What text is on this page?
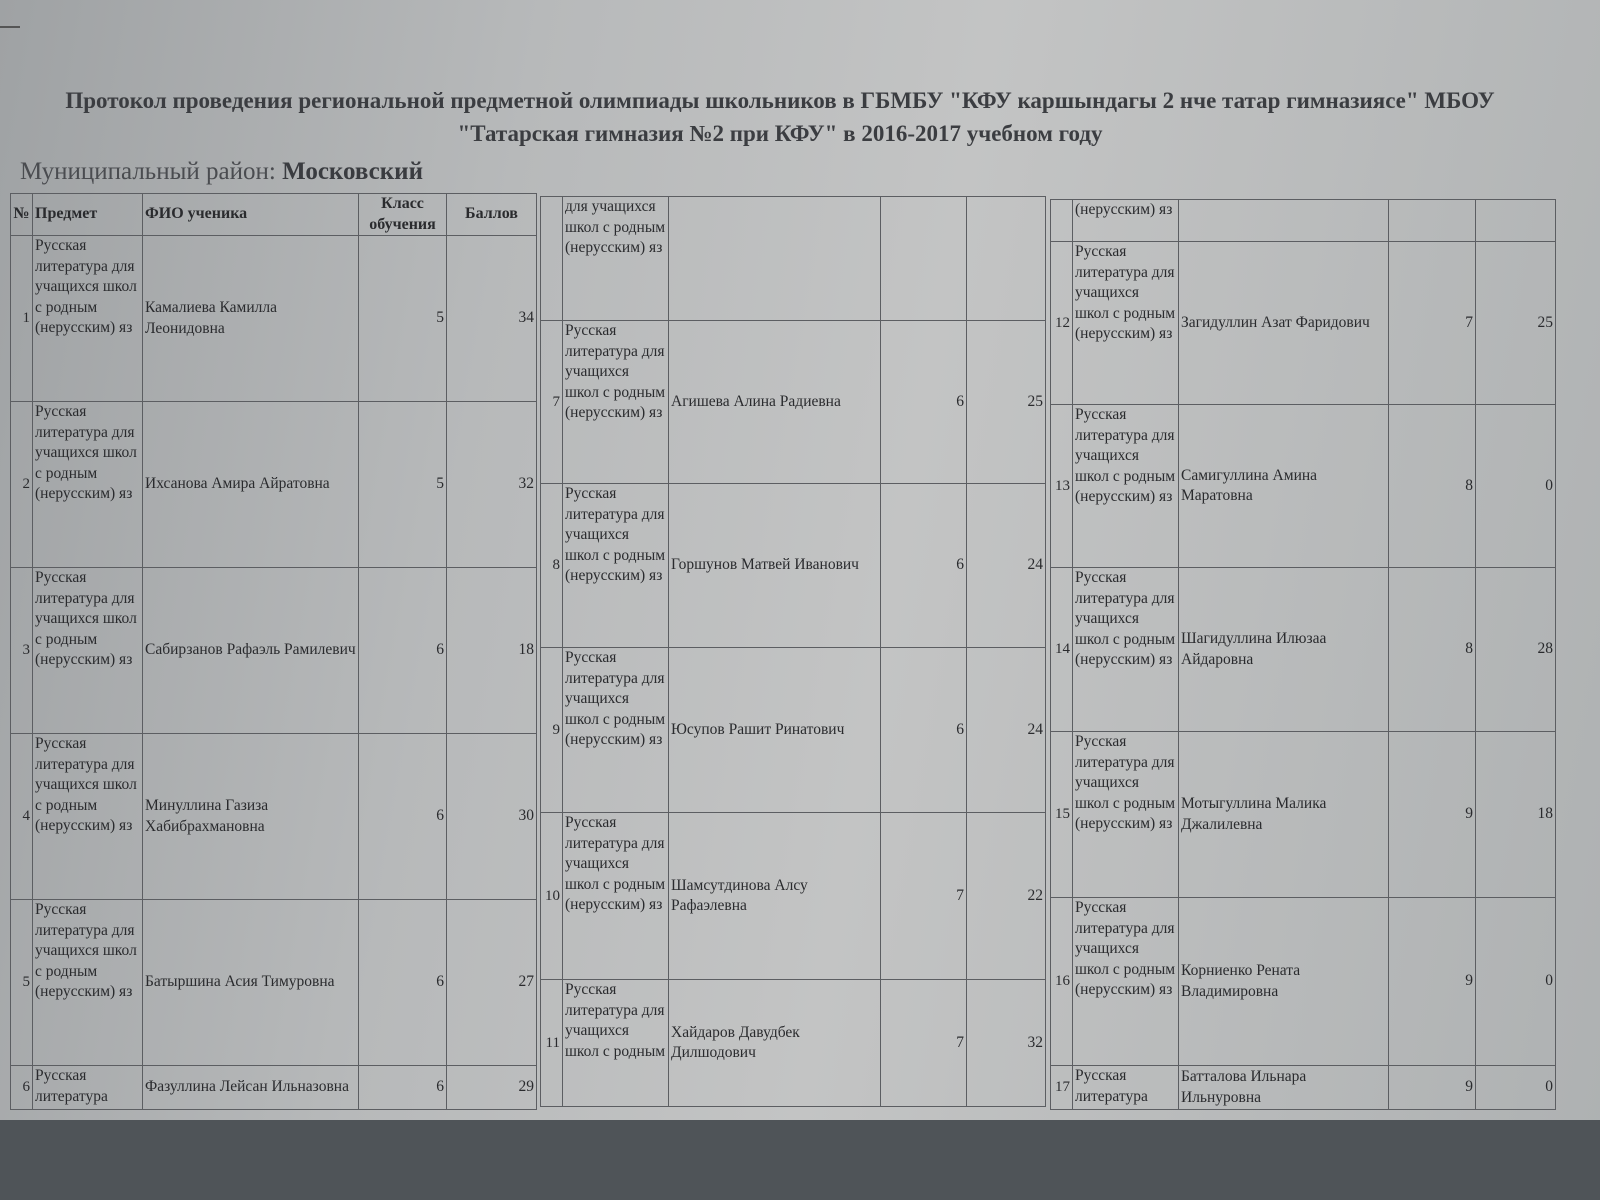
Протокол проведения региональной предметной олимпиады школьников в ГБМБУ "КФУ каршындагы 2 нче татар гимназиясе" МБОУ "Татарская гимназия №2 при КФУ" в 2016-2017 учебном году
Муниципальный район: Московский
№	Предмет	ФИО ученика	Класс обучения	Баллов
1	Русская литература для учащихся школ с родным (нерусским) яз	Камалиева Камилла Леонидовна	5	34
2	Русская литература для учащихся школ с родным (нерусским) яз	Ихсанова Амира Айратовна	5	32
3	Русская литература для учащихся школ с родным (нерусским) яз	Сабирзанов Рафаэль Рамилевич	6	18
4	Русская литература для учащихся школ с родным (нерусским) яз	Минуллина Газиза Хабибрахмановна	6	30
5	Русская литература для учащихся школ с родным (нерусским) яз	Батыршина Асия Тимуровна	6	27
6	Русская литература	Фазуллина Лейсан Ильназовна	6	29
	для учащихся школ с родным (нерусским) яз			
7	Русская литература для учащихся школ с родным (нерусским) яз	Агишева Алина Радиевна	6	25
8	Русская литература для учащихся школ с родным (нерусским) яз	Горшунов Матвей Иванович	6	24
9	Русская литература для учащихся школ с родным (нерусским) яз	Юсупов Рашит Ринатович	6	24
10	Русская литература для учащихся школ с родным (нерусским) яз	Шамсутдинова Алсу Рафаэлевна	7	22
11	Русская литература для учащихся школ с родным	Хайдаров Давудбек Дилшодович	7	32
	(нерусским) яз			
12	Русская литература для учащихся школ с родным (нерусским) яз	Загидуллин Азат Фаридович	7	25
13	Русская литература для учащихся школ с родным (нерусским) яз	Самигуллина Амина Маратовна	8	0
14	Русская литература для учащихся школ с родным (нерусским) яз	Шагидуллина Илюзаа Айдаровна	8	28
15	Русская литература для учащихся школ с родным (нерусским) яз	Мотыгуллина Малика Джалилевна	9	18
16	Русская литература для учащихся школ с родным (нерусским) яз	Корниенко Рената Владимировна	9	0
17	Русская литература	Батталова Ильнара Ильнуровна	9	0
